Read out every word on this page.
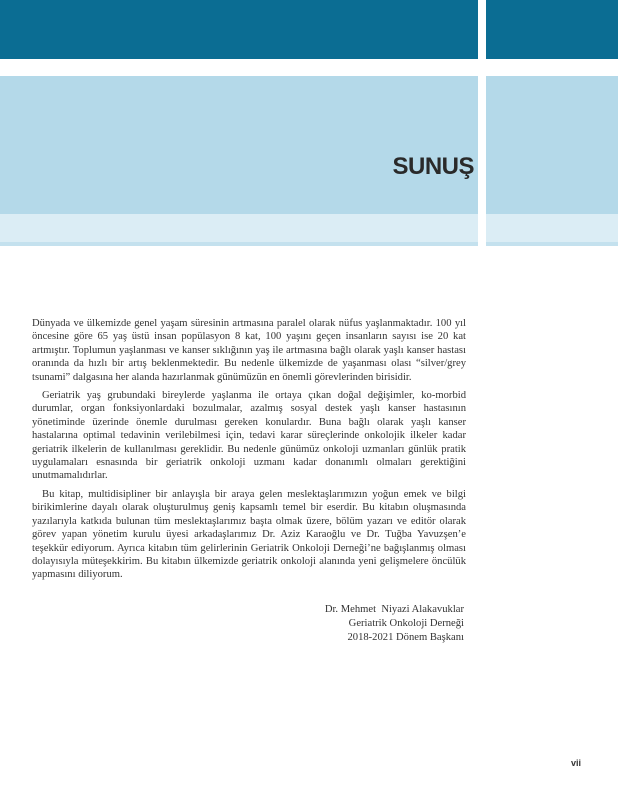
SUNUŞ

Dünyada ve ülkemizde genel yaşam süresinin artmasına paralel olarak nüfus yaşlanmaktadır. 100 yıl öncesine göre 65 yaş üstü insan popülasyon 8 kat, 100 yaşını geçen insanların sayısı ise 20 kat artmıştır. Toplumun yaşlanması ve kanser sıklığının yaş ile artmasına bağlı olarak yaşlı kanser hastası oranında da hızlı bir artış beklenmektedir. Bu nedenle ülkemizde de yaşanması olası “silver/grey tsunami” dalgasına her alanda hazırlanmak günümüzün en önemli görevlerinden birisidir.

Geriatrik yaş grubundaki bireylerde yaşlanma ile ortaya çıkan doğal değişimler, ko-morbid durumlar, organ fonksiyonlardaki bozulmalar, azalmış sosyal destek yaşlı kanser hastasının yönetiminde üzerinde önemle durulması gereken konulardır. Buna bağlı olarak yaşlı kanser hastalarına optimal tedavinin verilebilmesi için, tedavi karar süreçlerinde onkolojik ilkeler kadar geriatrik ilkelerin de kullanılması gereklidir. Bu nedenle günümüz onkoloji uzmanları günlük pratik uygulamaları esnasında bir geriatrik onkoloji uzmanı kadar donanımlı olmaları gerektiğini unutmamalıdırlar.

Bu kitap, multidisipliner bir anlayışla bir araya gelen meslektaşlarımızın yoğun emek ve bilgi birikimlerine dayalı olarak oluşturulmuş geniş kapsamlı temel bir eserdir. Bu kitabın oluşmasında yazılarıyla katkıda bulunan tüm meslektaşlarımız başta olmak üzere, bölüm yazarı ve editör olarak görev yapan yönetim kurulu üyesi arkadaşlarımız Dr. Aziz Karaoğlu ve Dr. Tuğba Yavuzşen’e teşekkür ediyorum. Ayrıca kitabın tüm gelirlerinin Geriatrik Onkoloji Derneği’ne bağışlanmış olması dolayısıyla müteşekkirim. Bu kitabın ülkemizde geriatrik onkoloji alanında yeni gelişmelere öncülük yapmasını diliyorum.

Dr. Mehmet  Niyazi Alakavuklar
Geriatrik Onkoloji Derneği
2018-2021 Dönem Başkanı
vii
